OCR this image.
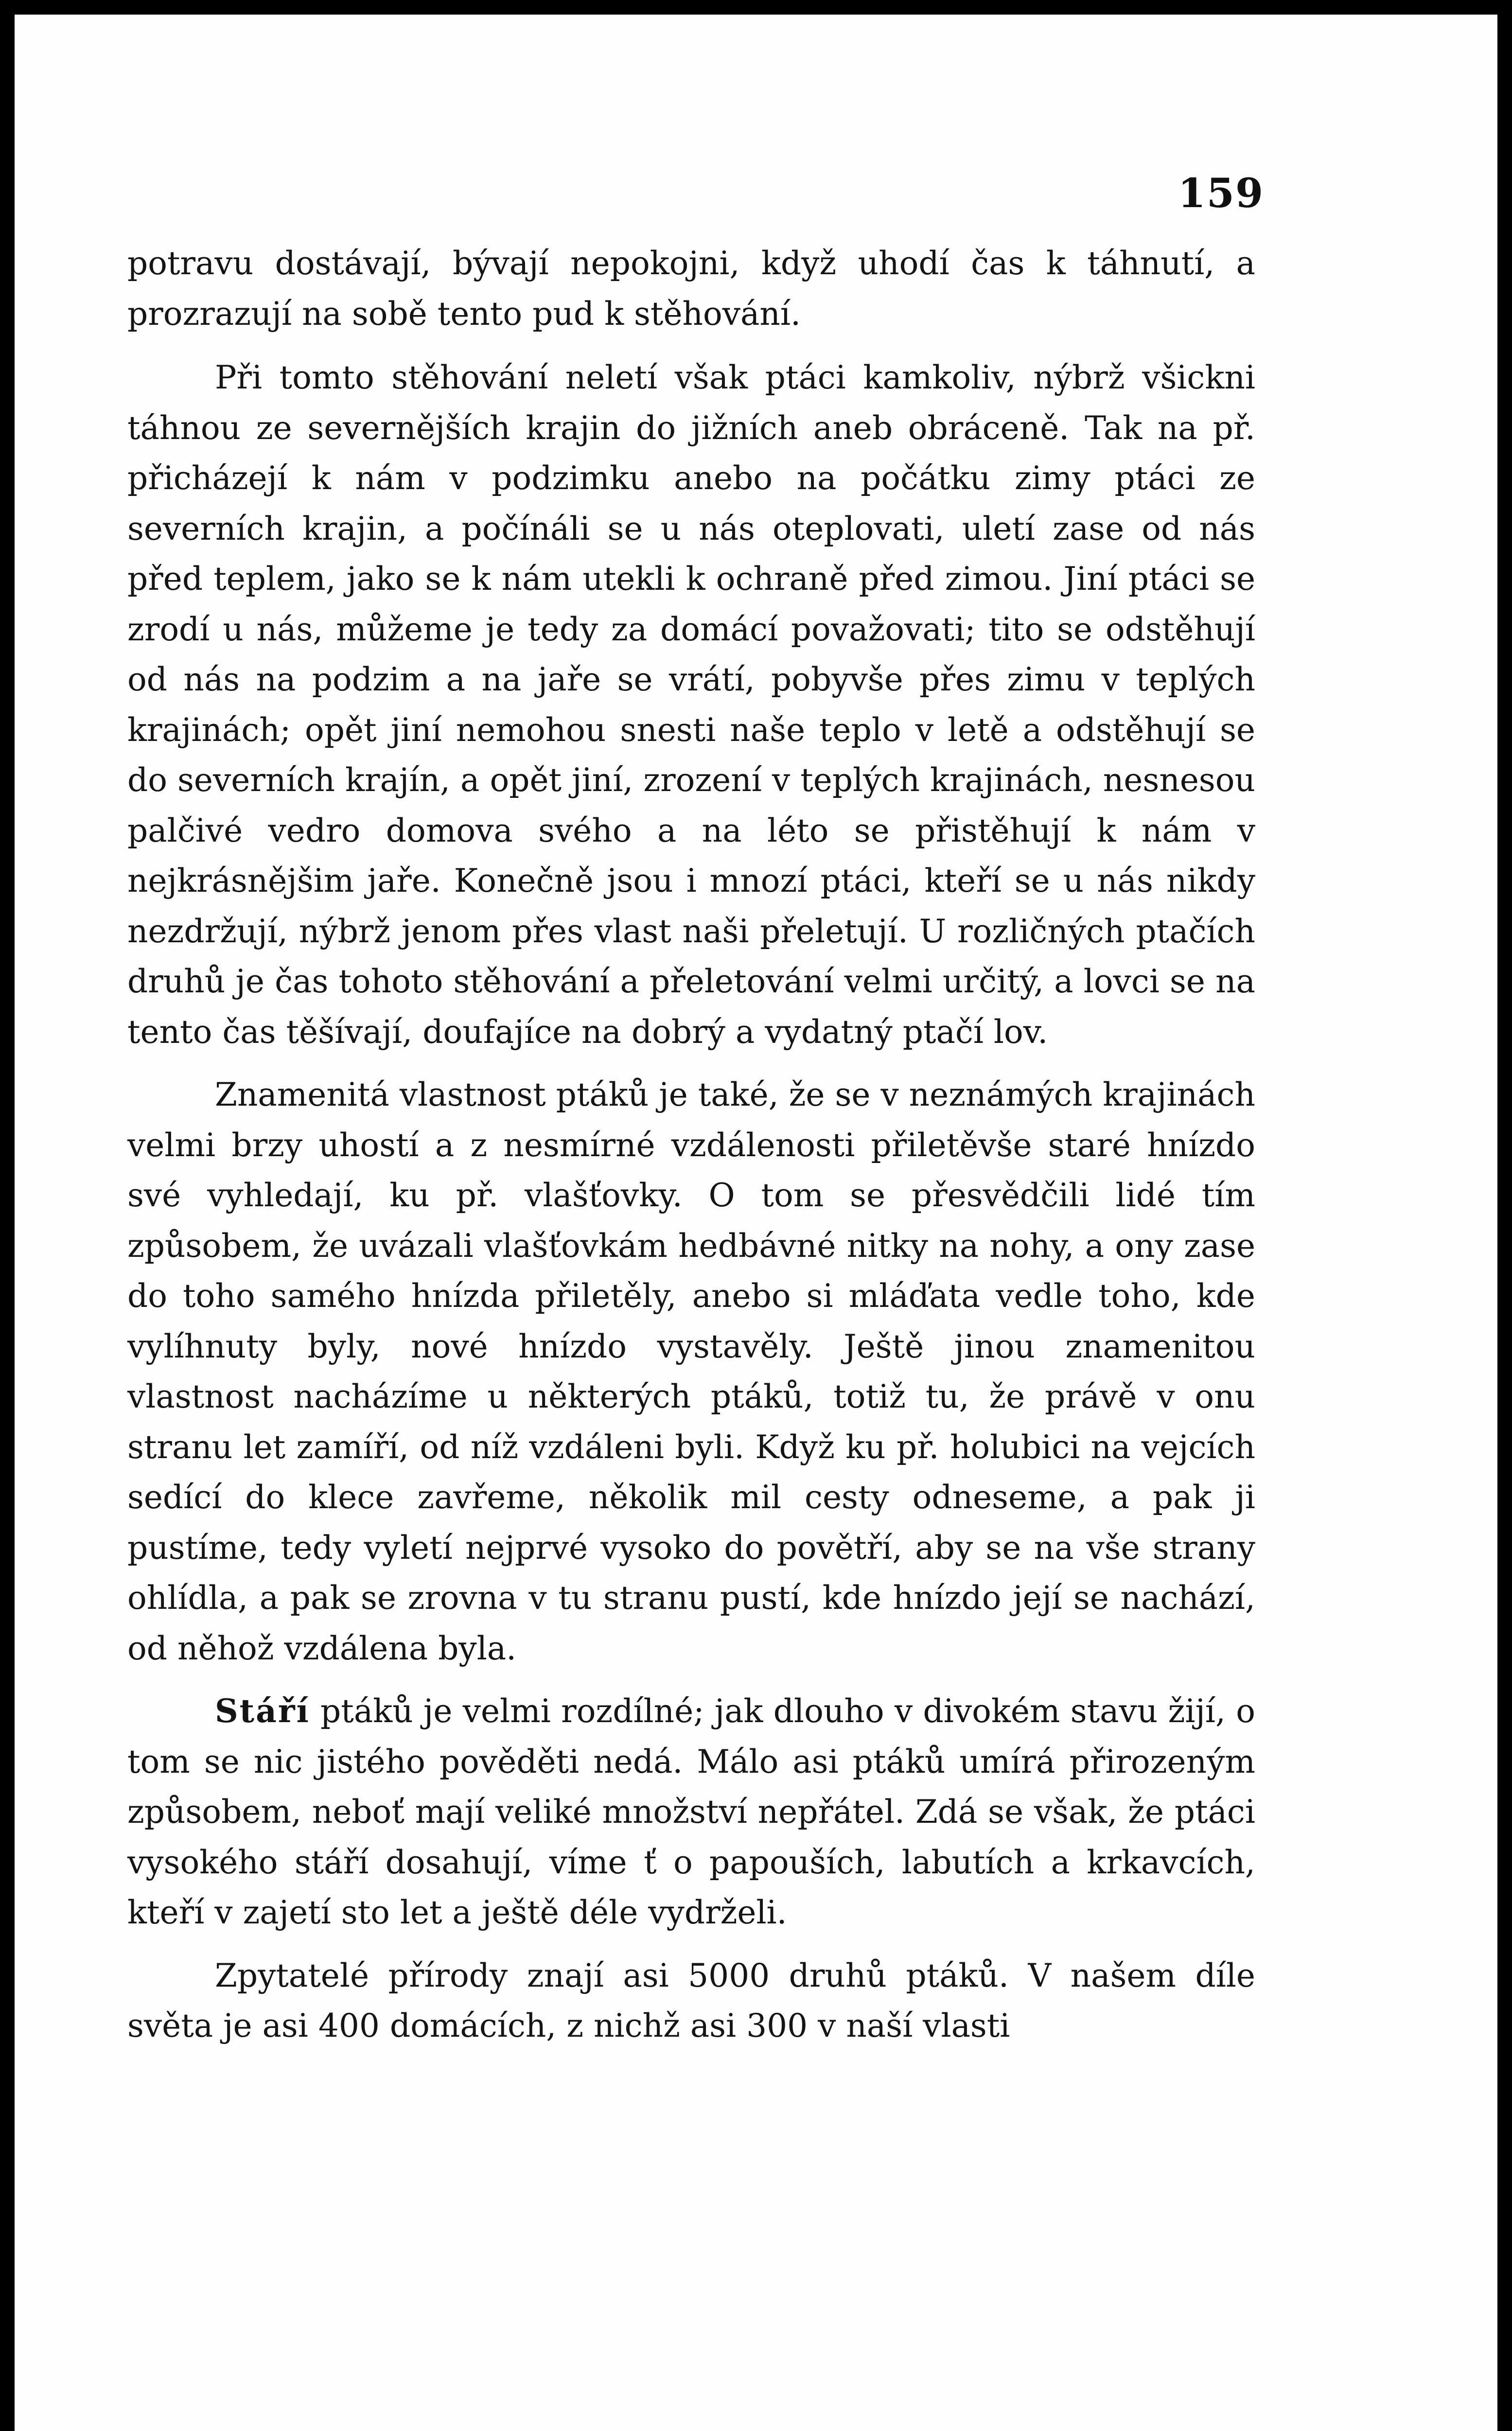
159

potravu dostávají, bývají nepokojni, když uhodí čas k táhnutí, a prozrazují na sobě tento pud k stěhování.

Při tomto stěhování neletí však ptáci kamkoliv, nýbrž všickni táhnou ze severnějších krajin do jižních aneb obráceně. Tak na př. přicházejí k nám v podzimku anebo na počátku zimy ptáci ze severních krajin, a počínáli se u nás oteplovati, uletí zase od nás před teplem, jako se k nám utekli k ochraně před zimou. Jiní ptáci se zrodí u nás, můžeme je tedy za domácí považovati; tito se odstěhují od nás na podzim a na jaře se vrátí, pobyvše přes zimu v teplých krajinách; opět jiní nemohou snesti naše teplo v letě a odstěhují se do severních krajín, a opět jiní, zrození v teplých krajinách, nesnesou palčivé vedro domova svého a na léto se přistěhují k nám v nejkrásnějšim jaře. Konečně jsou i mnozí ptáci, kteří se u nás nikdy nezdržují, nýbrž jenom přes vlast naši přeletují. U rozličných ptačích druhů je čas tohoto stěhování a přeletování velmi určitý, a lovci se na tento čas těšívají, doufajíce na dobrý a vydatný ptačí lov.

Znamenitá vlastnost ptáků je také, že se v neznámých krajinách velmi brzy uhostí a z nesmírné vzdálenosti přiletěvše staré hnízdo své vyhledají, ku př. vlašťovky. O tom se přesvědčili lidé tím způsobem, že uvázali vlašťovkám hedbávné nitky na nohy, a ony zase do toho samého hnízda přiletěly, anebo si mláďata vedle toho, kde vylíhnuty byly, nové hnízdo vystavěly. Ještě jinou znamenitou vlastnost nacházíme u některých ptáků, totiž tu, že právě v onu stranu let zamíří, od níž vzdáleni byli. Když ku př. holubici na vejcích sedící do klece zavřeme, několik mil cesty odneseme, a pak ji pustíme, tedy vyletí nejprvé vysoko do povětří, aby se na vše strany ohlídla, a pak se zrovna v tu stranu pustí, kde hnízdo její se nachází, od něhož vzdálena byla.

Stáří ptáků je velmi rozdílné; jak dlouho v divokém stavu žijí, o tom se nic jistého pověděti nedá. Málo asi ptáků umírá přirozeným způsobem, neboť mají veliké množství nepřátel. Zdá se však, že ptáci vysokého stáří dosahují, víme ť o papouších, labutích a krkavcích, kteří v zajetí sto let a ještě déle vydrželi.

Zpytatelé přírody znají asi 5000 druhů ptáků. V našem díle světa je asi 400 domácích, z nichž asi 300 v naší vlasti
